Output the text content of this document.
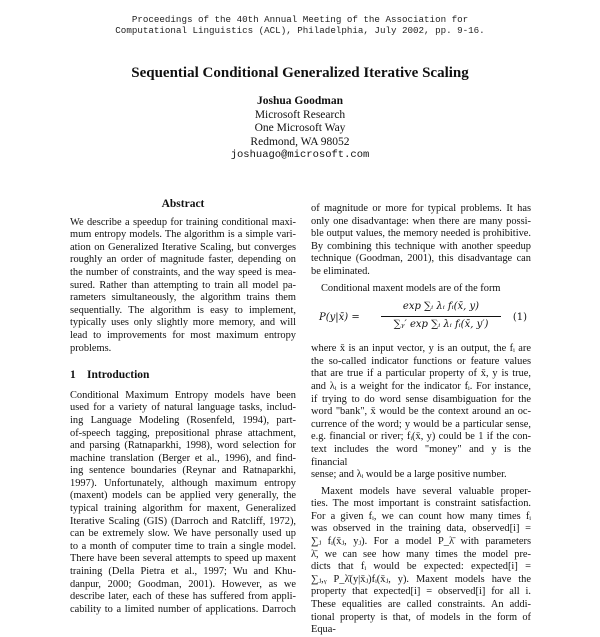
Proceedings of the 40th Annual Meeting of the Association for
Computational Linguistics (ACL), Philadelphia, July 2002, pp. 9-16.
Sequential Conditional Generalized Iterative Scaling
Joshua Goodman
Microsoft Research
One Microsoft Way
Redmond, WA 98052
joshuago@microsoft.com
Abstract
We describe a speedup for training conditional maxi-
mum entropy models. The algorithm is a simple vari-
ation on Generalized Iterative Scaling, but converges
roughly an order of magnitude faster, depending on
the number of constraints, and the way speed is mea-
sured. Rather than attempting to train all model pa-
rameters simultaneously, the algorithm trains them
sequentially. The algorithm is easy to implement,
typically uses only slightly more memory, and will
lead to improvements for most maximum entropy
problems.
1 Introduction
Conditional Maximum Entropy models have been
used for a variety of natural language tasks, includ-
ing Language Modeling (Rosenfeld, 1994), part-
of-speech tagging, prepositional phrase attachment,
and parsing (Ratnaparkhi, 1998), word selection for
machine translation (Berger et al., 1996), and find-
ing sentence boundaries (Reynar and Ratnaparkhi,
1997). Unfortunately, although maximum entropy
(maxent) models can be applied very generally, the
typical training algorithm for maxent, Generalized
Iterative Scaling (GIS) (Darroch and Ratcliff, 1972),
can be extremely slow. We have personally used up
to a month of computer time to train a single model.
There have been several attempts to speed up maxent
training (Della Pietra et al., 1997; Wu and Khu-
danpur, 2000; Goodman, 2001). However, as we
describe later, each of these has suffered from appli-
cability to a limited number of applications. Darroch
of magnitude or more for typical problems. It has
only one disadvantage: when there are many possi-
ble output values, the memory needed is prohibitive.
By combining this technique with another speedup
technique (Goodman, 2001), this disadvantage can
be eliminated.
Conditional maxent models are of the form
P(y|x̄) = $\frac{\text{exp ∑ᵢ λᵢ fᵢ(x̄, y)}}{\text{∑ᵧ′ exp ∑ᵢ λᵢ fᵢ(x̄, y′)}} (1)$
where x̄ is an input vector, y is an output, the fᵢ are
the so-called indicator functions or feature values
that are true if a particular property of x̄, y is true,
and λᵢ is a weight for the indicator fᵢ. For instance,
if trying to do word sense disambiguation for the
word "bank", x̄ would be the context around an oc-
currence of the word; y would be a particular sense,
e.g. financial or river; fᵢ(x̄, y) could be 1 if the con-
text includes the word "money" and y is the financial
sense; and λᵢ would be a large positive number.
Maxent models have several valuable proper-
ties. The most important is constraint satisfaction.
For a given fᵢ, we can count how many times fᵢ
was observed in the training data, observed[i] =
∑ⱼ fᵢ(x̄ⱼ, yⱼ). For a model P_λ̄ with parameters
λ̄, we can see how many times the model pre-
dicts that fᵢ would be expected: expected[i] =
∑ⱼ,ᵧ P_λ̄(y|x̄ⱼ)fᵢ(x̄ⱼ, y). Maxent models have the
property that expected[i] = observed[i] for all i.
These equalities are called constraints. An addi-
tional property is that, of models in the form of Equa-
